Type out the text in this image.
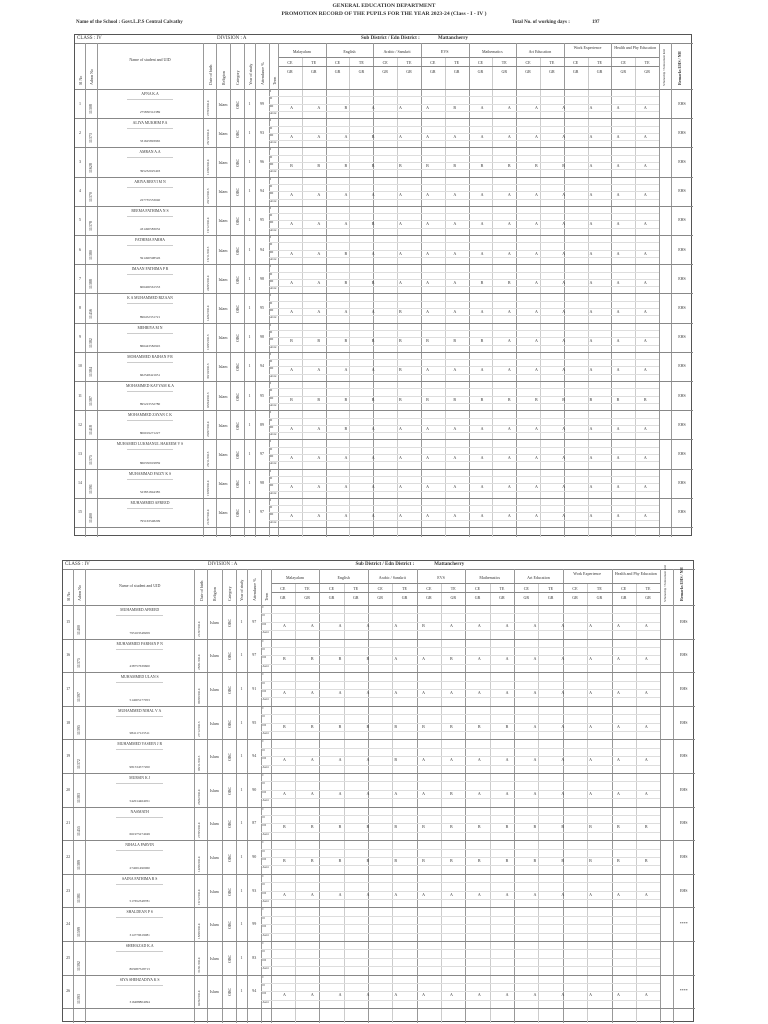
GENERAL EDUCATION DEPARTMENT
PROMOTION RECORD OF THE PUPILS FOR THE YEAR 2023-24 (Class - I - IV )
Name of the School : Govt.L.P.S Central Calvathy	Total No. of working days :	197
CLASS : IV	DIVISION : A	Sub District / Edn District :	Mattancherry
Sl No Admn No	Date of birth Religion Category Year of study Attendance % Term
Name of student and UID	Scholarship / Endowment held	Remarks EHS / NH
Malayalam
CE	TE
GR	GR
English
CE	TE
GR	GR
Arabic / Sanskrit
CE	TE
GR	GR
EVS
CE	TE
GR	GR
Mathematics
CE	TE
GR	GR
Art Education
CE	TE
GR	GR
Work Experience
CE	TE
GR	GR
Health and Phy Education
CE	TE
GR	GR
1
11308
AFNA K.A
275830312389	27/03/2014	Islam	OBC	1	99
I
II
III
Avrz
A	A	B	A	A	A	B	A	A	A	A	A	A	A
EHS
2
11373
ALIYA MUKHIM P.A
331625893965	26/10/2014	Islam	OBC	1	93
I
II
III
Avrz
A	A	A	B	A	A	A	A	A	A	A	A	A	A
EHS
3
11628
AMRAN A.A
395232025403	12/06/2014	Islam	OBC	1	96
I
II
III
Avrz
B	B	B	B	B	B	B	B	B	B	B	A	A	A
EHS
4
11370
ARIYA BEEVI M N
227735553040	20/12/2013	Islam	OBC	1	94
I
II
III
Avrz
A	A	A	A	A	A	A	A	A	A	A	A	A	A
EHS
5
11378
BEEMA FATHIMA N S
431490583032	19/12/2014	Islam	OBC	1	95
I
II
III
Avrz
A	A	A	B	A	A	A	A	A	A	A	A	A	A
EHS
6
11380
FATHIMA FARHA
591490598526	16/11/2013	Islam	OBC	1	94
I
II
III
Avrz
A	A	B	A	A	A	A	A	A	A	A	A	A	A
EHS
7
11388
IMAAN FATHIMA P R
606406561533	24/05/2014	Islam	OBC	1	98
I
II
III
Avrz
A	A	B	B	A	A	A	B	B	A	A	A	A	A
EHS
8
11456
K A MUHAMMED RIZAAN
896452331721	14/02/2014	Islam	OBC	1	95
I
II
III
Avrz
A	A	A	A	B	A	A	A	A	A	A	A	A	A
EHS
9
11382
MEHRIYA M N
866443582945	10/05/2013	Islam	OBC	1	98
I
II
III
Avrz
B	B	B	B	B	B	B	B	A	A	A	A	A	A
EHS
10
11384
MOHAMMED RAIHAN P R
662548421651	30/10/2013	Islam	OBC	1	94
I
II
III
Avrz
A	A	A	A	B	A	A	A	A	A	A	A	A	A
EHS
11
11387
MOHAMMED KAYYAM K.A
895223552780	03/04/2013	Islam	OBC	1	95
I
II
III
Avrz
B	B	B	B	B	B	B	B	B	B	B	B	B	B
EHS
12
11418
MOHAMMED ZAYAN C K
806019271227	20/07/2014	Islam	OBC	1	89
I
II
III
Avrz
A	A	B	A	A	A	A	A	A	A	A	A	A	A
EHS
13
11375
MUHAMED LUKMANUL HAKEEM V S
866350919859	26/11/2013	Islam	OBC	1	97
I
II
III
Avrz
A	A	A	A	A	A	A	A	A	A	A	A	A	A
EHS
14
11391
MUHAMMAD FAIZY K S
523831844385	19/08/2014	Islam	OBC	1	98
I
II
III
Avrz
A	A	A	A	A	A	A	A	A	A	A	A	A	A
EHS
15
11400
MUHAMMED AFREED
795163548209	21/07/2014	Islam	OBC	1	97
I
II
III
Avrz
A	A	A	A	A	A	A	A	A	A	A	A	A	A
EHS
CLASS : IV	DIVISION : A	Sub District / Edn District :	Mattancherry
Sl No Admn No	Date of birth Religion Category Year of study Attendance % Term
Name of student and UID	Scholarship / Endowment held	Remarks EHS / NH
Malayalam
CE	TE
GR	GR
English
CE	TE
GR	GR
Arabic / Sanskrit
CE	TE
GR	GR
EVS
CE	TE
GR	GR
Mathematics
CE	TE
GR	GR
Art Education
CE	TE
GR	GR
Work Experience
CE	TE
GR	GR
Health and Phy Education
CE	TE
GR	GR
15
11400
MUHAMMED AFREED
795163548209	21/07/2014	Islam	OBC	1	97
I
II
III
Avrz
A	A	A	A	A	B	A	A	A	A	A	A	A	A
EHS
16
11375
MUHAMMED FARHAN P N
438757639600	28/01/2014	Islam	OBC	1	97
I
II
III
Avrz
B	B	B	B	A	A	B	A	A	A	A	A	A	A
EHS
17
11397
MUHAMMED ULAN S
514005177053	09/09/2014	Islam	OBC	1	91
I
II
III
Avrz
A	A	A	A	A	A	A	A	A	A	A	A	A	A
EHS
18
11395
MUHAMMED NIHAL V A
984117123511	27/12/2013	Islam	OBC	1	95
I
II
III
Avrz
B	B	B	B	B	B	B	B	B	A	A	A	A	A
EHS
19
11372
MUHAMMED YASEEN J R
981534577200	06/11/2013	Islam	OBC	1	94
I
II
III
Avrz
A	A	A	A	B	A	A	A	A	A	A	A	A	A
EHS
20
11383
MURSIN K J
542014464051	26/02/2014	Islam	OBC	1	90
I
II
III
Avrz
A	A	A	A	A	A	B	A	A	A	A	A	A	A
EHS
21
11455
NASMATH
661975274049	27/05/2014	Islam	OBC	1	87
I
II
III
Avrz
B	B	B	B	B	B	B	B	B	B	B	B	B	B
EHS
22
11389
NIHALA PARVIN
274001490060	14/06/2014	Islam	OBC	1	90
I
II
III
Avrz
B	B	B	B	B	B	B	B	B	B	B	B	B	B
EHS
23
11381
SAINA FATHIMA R S
517652348781	19/12/2014	Islam	OBC	1	93
I
II
III
Avrz
A	A	A	A	A	A	A	A	A	A	A	A	A	A
EHS
24
11599
SHALDEAN P S
314779619081	18/09/2014	Islam	OBC	1	99
I
II
III
Avrz
****
25
11392
SHEHAZAD K.A
863087528713	31/01/2014	Islam	OBC	1	83
I
II
III
Avrz
26
11393
SIYA SHEHZADIYA K S
316488804094	02/02/2014	Islam	OBC	1	94
I
II
III
Avrz
A	A	A	A	A	A	A	A	A	A	A	A	A	A
****
